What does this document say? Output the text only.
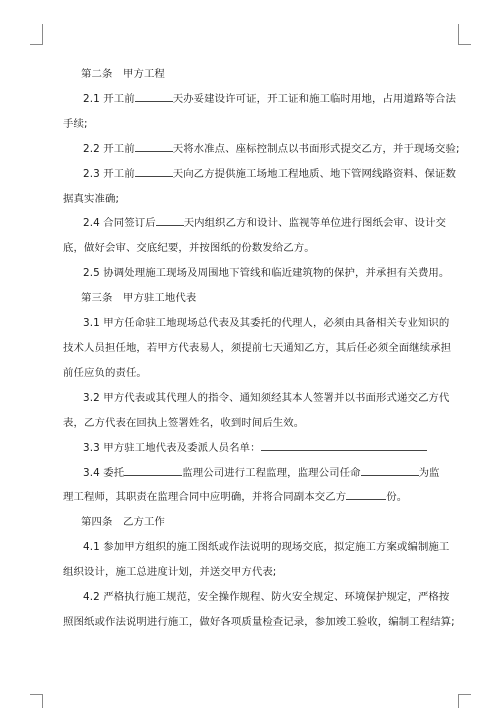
第二条　甲方工程

2.1 开工前	天办妥建设许可证，开工证和施工临时用地，占用道路等合法

手续;

2.2 开工前	天将水准点、座标控制点以书面形式提交乙方，并于现场交验;

2.3 开工前	天向乙方提供施工场地工程地质、地下管网线路资料、保证数

据真实准确;

2.4 合同签订后	天内组织乙方和设计、监视等单位进行图纸会审、设计交

底，做好会审、交底纪要，并按图纸的份数发给乙方。

2.5 协调处理施工现场及周围地下管线和临近建筑物的保护，并承担有关费用。

第三条　甲方驻工地代表

3.1 甲方任命驻工地现场总代表及其委托的代理人，必须由具备相关专业知识的

技术人员担任地，若甲方代表易人，须提前七天通知乙方，其后任必须全面继续承担

前任应负的责任。

3.2 甲方代表或其代理人的指令、通知须经其本人签署并以书面形式递交乙方代

表，乙方代表在回执上签署姓名，收到时间后生效。

3.3 甲方驻工地代表及委派人员名单：

3.4 委托	监理公司进行工程监理，监理公司任命	为监

理工程师，其职责在监理合同中应明确，并将合同副本交乙方	份。

第四条　乙方工作

4.1 参加甲方组织的施工图纸或作法说明的现场交底，拟定施工方案或编制施工

组织设计，施工总进度计划，并送交甲方代表;

4.2 严格执行施工规范，安全操作规程、防火安全规定、环境保护规定，严格按

照图纸或作法说明进行施工，做好各项质量检查记录，参加竣工验收，编制工程结算;
